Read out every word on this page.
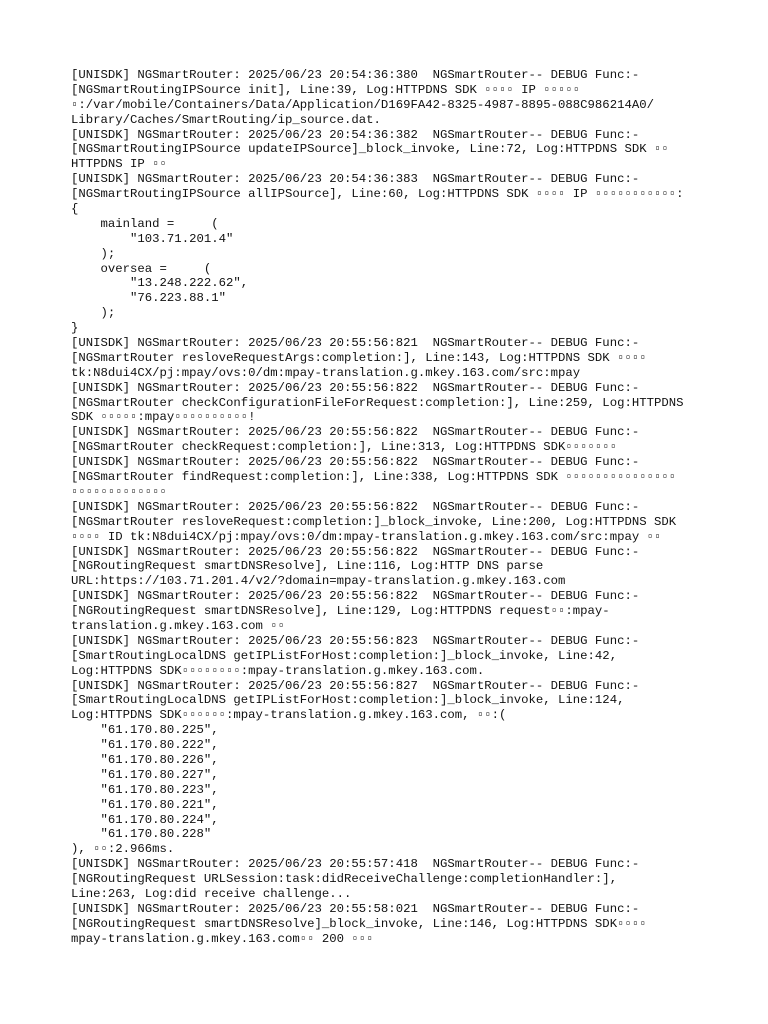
[UNISDK] NGSmartRouter: 2025/06/23 20:54:36:380  NGSmartRouter-- DEBUG Func:-
[NGSmartRoutingIPSource init], Line:39, Log:HTTPDNS SDK ▫▫▫▫ IP ▫▫▫▫▫
▫:/var/mobile/Containers/Data/Application/D169FA42-8325-4987-8895-088C986214A0/
Library/Caches/SmartRouting/ip_source.dat.
[UNISDK] NGSmartRouter: 2025/06/23 20:54:36:382  NGSmartRouter-- DEBUG Func:-
[NGSmartRoutingIPSource updateIPSource]_block_invoke, Line:72, Log:HTTPDNS SDK ▫▫
HTTPDNS IP ▫▫
[UNISDK] NGSmartRouter: 2025/06/23 20:54:36:383  NGSmartRouter-- DEBUG Func:-
[NGSmartRoutingIPSource allIPSource], Line:60, Log:HTTPDNS SDK ▫▫▫▫ IP ▫▫▫▫▫▫▫▫▫▫▫:
{
mainland =     (
"103.71.201.4"
);
oversea =     (
"13.248.222.62",
"76.223.88.1"
);
}
[UNISDK] NGSmartRouter: 2025/06/23 20:55:56:821  NGSmartRouter-- DEBUG Func:-
[NGSmartRouter resloveRequestArgs:completion:], Line:143, Log:HTTPDNS SDK ▫▫▫▫
tk:N8dui4CX/pj:mpay/ovs:0/dm:mpay-translation.g.mkey.163.com/src:mpay
[UNISDK] NGSmartRouter: 2025/06/23 20:55:56:822  NGSmartRouter-- DEBUG Func:-
[NGSmartRouter checkConfigurationFileForRequest:completion:], Line:259, Log:HTTPDNS
SDK ▫▫▫▫▫:mpay▫▫▫▫▫▫▫▫▫▫!
[UNISDK] NGSmartRouter: 2025/06/23 20:55:56:822  NGSmartRouter-- DEBUG Func:-
[NGSmartRouter checkRequest:completion:], Line:313, Log:HTTPDNS SDK▫▫▫▫▫▫▫
[UNISDK] NGSmartRouter: 2025/06/23 20:55:56:822  NGSmartRouter-- DEBUG Func:-
[NGSmartRouter findRequest:completion:], Line:338, Log:HTTPDNS SDK ▫▫▫▫▫▫▫▫▫▫▫▫▫▫▫
▫▫▫▫▫▫▫▫▫▫▫▫▫
[UNISDK] NGSmartRouter: 2025/06/23 20:55:56:822  NGSmartRouter-- DEBUG Func:-
[NGSmartRouter resloveRequest:completion:]_block_invoke, Line:200, Log:HTTPDNS SDK
▫▫▫▫ ID tk:N8dui4CX/pj:mpay/ovs:0/dm:mpay-translation.g.mkey.163.com/src:mpay ▫▫
[UNISDK] NGSmartRouter: 2025/06/23 20:55:56:822  NGSmartRouter-- DEBUG Func:-
[NGRoutingRequest smartDNSResolve], Line:116, Log:HTTP DNS parse
URL:https://103.71.201.4/v2/?domain=mpay-translation.g.mkey.163.com
[UNISDK] NGSmartRouter: 2025/06/23 20:55:56:822  NGSmartRouter-- DEBUG Func:-
[NGRoutingRequest smartDNSResolve], Line:129, Log:HTTPDNS request▫▫:mpay-
translation.g.mkey.163.com ▫▫
[UNISDK] NGSmartRouter: 2025/06/23 20:55:56:823  NGSmartRouter-- DEBUG Func:-
[SmartRoutingLocalDNS getIPListForHost:completion:]_block_invoke, Line:42,
Log:HTTPDNS SDK▫▫▫▫▫▫▫▫:mpay-translation.g.mkey.163.com.
[UNISDK] NGSmartRouter: 2025/06/23 20:55:56:827  NGSmartRouter-- DEBUG Func:-
[SmartRoutingLocalDNS getIPListForHost:completion:]_block_invoke, Line:124,
Log:HTTPDNS SDK▫▫▫▫▫▫:mpay-translation.g.mkey.163.com, ▫▫:(
"61.170.80.225",
"61.170.80.222",
"61.170.80.226",
"61.170.80.227",
"61.170.80.223",
"61.170.80.221",
"61.170.80.224",
"61.170.80.228"
), ▫▫:2.966ms.
[UNISDK] NGSmartRouter: 2025/06/23 20:55:57:418  NGSmartRouter-- DEBUG Func:-
[NGRoutingRequest URLSession:task:didReceiveChallenge:completionHandler:],
Line:263, Log:did receive challenge...
[UNISDK] NGSmartRouter: 2025/06/23 20:55:58:021  NGSmartRouter-- DEBUG Func:-
[NGRoutingRequest smartDNSResolve]_block_invoke, Line:146, Log:HTTPDNS SDK▫▫▫▫
mpay-translation.g.mkey.163.com▫▫ 200 ▫▫▫
